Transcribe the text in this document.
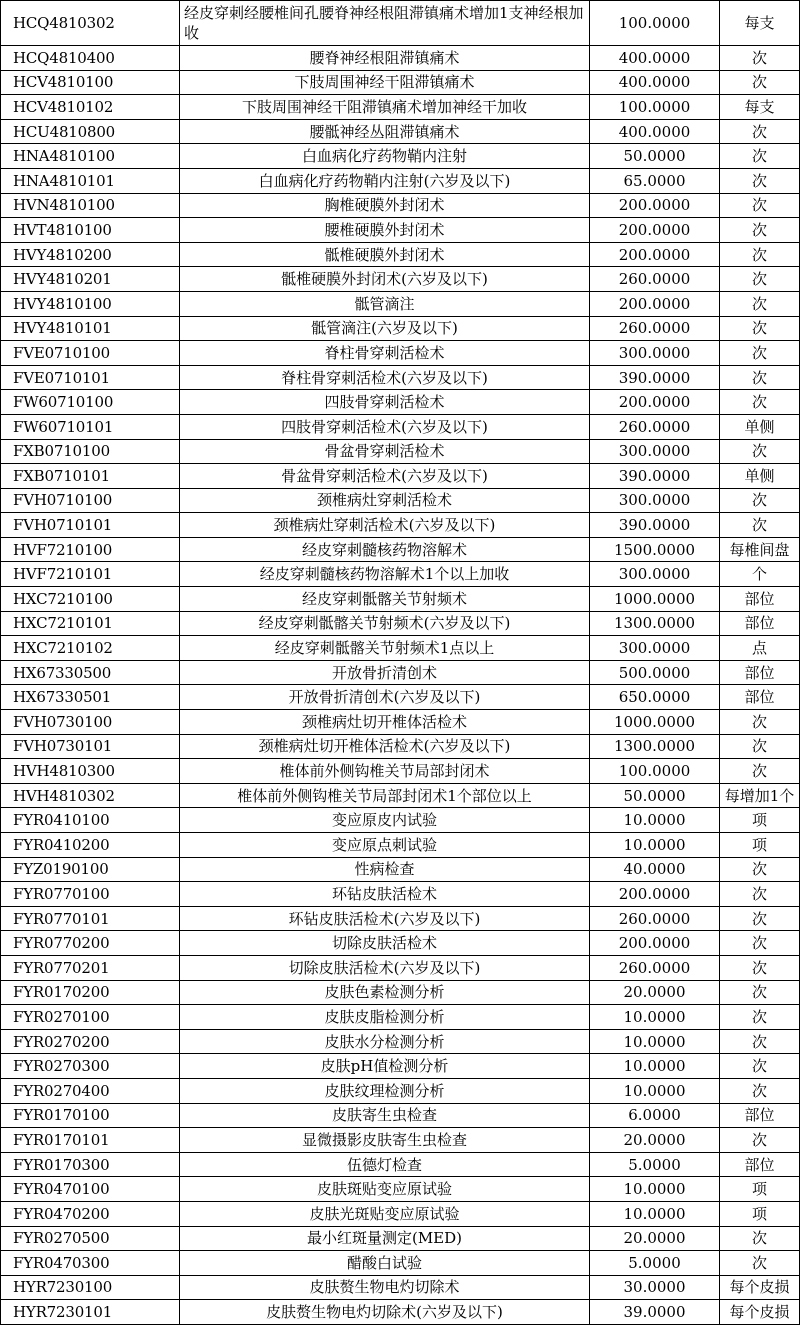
HCQ4810302	经皮穿刺经腰椎间孔腰脊神经根阻滞镇痛术增加1支神经根加收	100.0000	每支
HCQ4810400	腰脊神经根阻滞镇痛术	400.0000	次
HCV4810100	下肢周围神经干阻滞镇痛术	400.0000	次
HCV4810102	下肢周围神经干阻滞镇痛术增加神经干加收	100.0000	每支
HCU4810800	腰骶神经丛阻滞镇痛术	400.0000	次
HNA4810100	白血病化疗药物鞘内注射	50.0000	次
HNA4810101	白血病化疗药物鞘内注射(六岁及以下)	65.0000	次
HVN4810100	胸椎硬膜外封闭术	200.0000	次
HVT4810100	腰椎硬膜外封闭术	200.0000	次
HVY4810200	骶椎硬膜外封闭术	200.0000	次
HVY4810201	骶椎硬膜外封闭术(六岁及以下)	260.0000	次
HVY4810100	骶管滴注	200.0000	次
HVY4810101	骶管滴注(六岁及以下)	260.0000	次
FVE0710100	脊柱骨穿刺活检术	300.0000	次
FVE0710101	脊柱骨穿刺活检术(六岁及以下)	390.0000	次
FW60710100	四肢骨穿刺活检术	200.0000	次
FW60710101	四肢骨穿刺活检术(六岁及以下)	260.0000	单侧
FXB0710100	骨盆骨穿刺活检术	300.0000	次
FXB0710101	骨盆骨穿刺活检术(六岁及以下)	390.0000	单侧
FVH0710100	颈椎病灶穿刺活检术	300.0000	次
FVH0710101	颈椎病灶穿刺活检术(六岁及以下)	390.0000	次
HVF7210100	经皮穿刺髓核药物溶解术	1500.0000	每椎间盘
HVF7210101	经皮穿刺髓核药物溶解术1个以上加收	300.0000	个
HXC7210100	经皮穿刺骶髂关节射频术	1000.0000	部位
HXC7210101	经皮穿刺骶髂关节射频术(六岁及以下)	1300.0000	部位
HXC7210102	经皮穿刺骶髂关节射频术1点以上	300.0000	点
HX67330500	开放骨折清创术	500.0000	部位
HX67330501	开放骨折清创术(六岁及以下)	650.0000	部位
FVH0730100	颈椎病灶切开椎体活检术	1000.0000	次
FVH0730101	颈椎病灶切开椎体活检术(六岁及以下)	1300.0000	次
HVH4810300	椎体前外侧钩椎关节局部封闭术	100.0000	次
HVH4810302	椎体前外侧钩椎关节局部封闭术1个部位以上	50.0000	每增加1个
FYR0410100	变应原皮内试验	10.0000	项
FYR0410200	变应原点刺试验	10.0000	项
FYZ0190100	性病检查	40.0000	次
FYR0770100	环钻皮肤活检术	200.0000	次
FYR0770101	环钻皮肤活检术(六岁及以下)	260.0000	次
FYR0770200	切除皮肤活检术	200.0000	次
FYR0770201	切除皮肤活检术(六岁及以下)	260.0000	次
FYR0170200	皮肤色素检测分析	20.0000	次
FYR0270100	皮肤皮脂检测分析	10.0000	次
FYR0270200	皮肤水分检测分析	10.0000	次
FYR0270300	皮肤pH值检测分析	10.0000	次
FYR0270400	皮肤纹理检测分析	10.0000	次
FYR0170100	皮肤寄生虫检查	6.0000	部位
FYR0170101	显微摄影皮肤寄生虫检查	20.0000	次
FYR0170300	伍德灯检查	5.0000	部位
FYR0470100	皮肤斑贴变应原试验	10.0000	项
FYR0470200	皮肤光斑贴变应原试验	10.0000	项
FYR0270500	最小红斑量测定(MED)	20.0000	次
FYR0470300	醋酸白试验	5.0000	次
HYR7230100	皮肤赘生物电灼切除术	30.0000	每个皮损
HYR7230101	皮肤赘生物电灼切除术(六岁及以下)	39.0000	每个皮损
